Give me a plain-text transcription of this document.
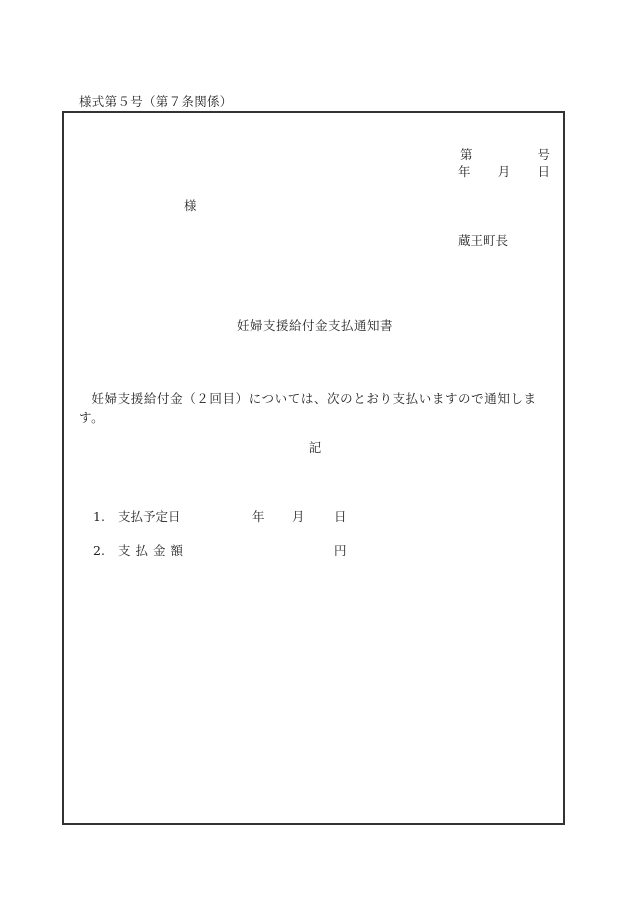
様式第５号（第７条関係）
第	号
年 月 日
様
蔵王町長
妊婦支援給付金支払通知書
妊婦支援給付金（２回目）については、次のとおり支払いますので通知します。
記
1. 支払予定日	年 月 日
2. 支払金額	円
